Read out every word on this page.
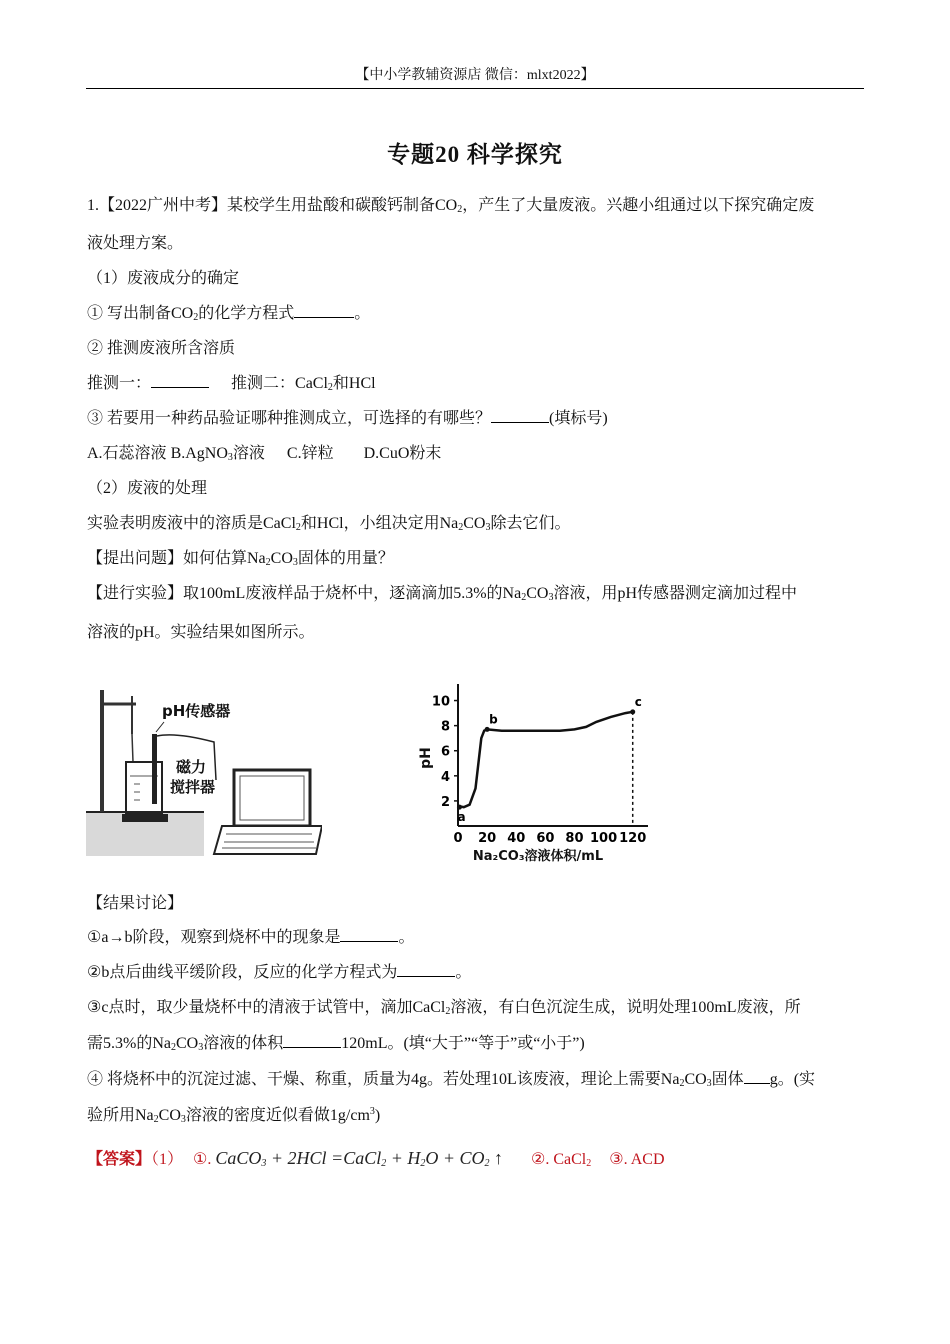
【中小学教辅资源店 微信：mlxt2022】
专题20 科学探究
1.【2022广州中考】某校学生用盐酸和碳酸钙制备$CO_2$，产生了大量废液。兴趣小组通过以下探究确定废
液处理方案。
（1）废液成分的确定
① 写出制备$CO_2$的化学方程式	。
② 推测废液所含溶质
推测一：	推测二：CaCl$_2$和HCl
③ 若要用一种药品验证哪种推测成立，可选择的有哪些？	(填标号)
A.石蕊溶液 B.AgNO$_3$溶液 C.锌粒 D.CuO粉末
（2）废液的处理
实验表明废液中的溶质是CaCl$_2$和HCl，小组决定用$Na_2CO_3$除去它们。
【提出问题】如何估算$Na_2CO_3$固体的用量？
【进行实验】取100mL废液样品于烧杯中，逐滴滴加5.3%的$Na_2CO_3$溶液，用pH传感器测定滴加过程中
溶液的pH。实验结果如图所示。
pH传感器
磁力
搅拌器
pH
Na₂CO₃溶液体积/mL
0 20 40 60 80 100 120
2
4
6
8
10
a
b
c
【结果讨论】
①a→b阶段，观察到烧杯中的现象是	。
②b点后曲线平缓阶段，反应的化学方程式为	。
③c点时，取少量烧杯中的清液于试管中，滴加CaCl$_2$溶液，有白色沉淀生成，说明处理100mL废液，所
需5.3%的$Na_2CO_3$溶液的体积	120mL。(填“大于”“等于”或“小于”)
④ 将烧杯中的沉淀过滤、干燥、称重，质量为4g。若处理10L该废液，理论上需要$Na_2CO_3$固体 g。(实
验所用$Na_2CO_3$溶液的密度近似看做$1g/cm^3$)
【答案】（1） ①. CaCO$_3$ + 2HCl =CaCl$_2$ + $H_2O + CO_2$ ↑ ②. CaCl$_2$ ③. ACD
